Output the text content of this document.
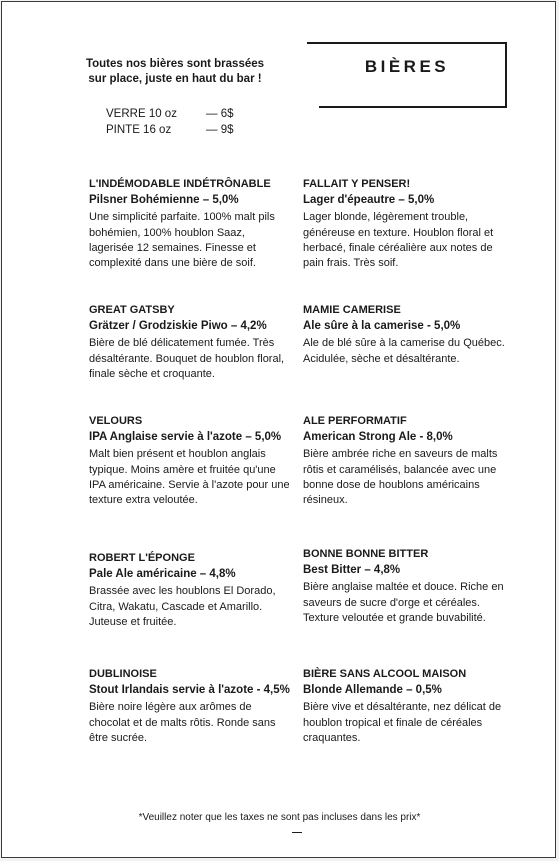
Toutes nos bières sont brassées
sur place, juste en haut du bar !
VERRE 10 oz	— 6$
PINTE 16 oz	— 9$
BIÈRES
L'INDÉMODABLE INDÉTRÔNABLE
Pilsner Bohémienne – 5,0%
Une simplicité parfaite. 100% malt pils bohémien, 100% houblon Saaz, lagerisée 12 semaines. Finesse et complexité dans une bière de soif.
FALLAIT Y PENSER!
Lager d'épeautre – 5,0%
Lager blonde, légèrement trouble, généreuse en texture. Houblon floral et herbacé, finale céréalière aux notes de pain frais. Très soif.
GREAT GATSBY
Grätzer / Grodziskie Piwo – 4,2%
Bière de blé délicatement fumée. Très désaltérante. Bouquet de houblon floral, finale sèche et croquante.
MAMIE CAMERISE
Ale sûre à la camerise - 5,0%
Ale de blé sûre à la camerise du Québec. Acidulée, sèche et désaltérante.
VELOURS
IPA Anglaise servie à l'azote – 5,0%
Malt bien présent et houblon anglais typique. Moins amère et fruitée qu'une IPA américaine. Servie à l'azote pour une texture extra veloutée.
ALE PERFORMATIF
American Strong Ale - 8,0%
Bière ambrée riche en saveurs de malts rôtis et caramélisés, balancée avec une bonne dose de houblons américains résineux.
ROBERT L'ÉPONGE
Pale Ale américaine – 4,8%
Brassée avec les houblons El Dorado, Citra, Wakatu, Cascade et Amarillo. Juteuse et fruitée.
BONNE BONNE BITTER
Best Bitter – 4,8%
Bière anglaise maltée et douce. Riche en saveurs de sucre d'orge et céréales. Texture veloutée et grande buvabilité.
DUBLINOISE
Stout Irlandais servie à l'azote - 4,5%
Bière noire légère aux arômes de chocolat et de malts rôtis. Ronde sans être sucrée.
BIÈRE SANS ALCOOL MAISON
Blonde Allemande – 0,5%
Bière vive et désaltérante, nez délicat de houblon tropical et finale de céréales craquantes.
*Veuillez noter que les taxes ne sont pas incluses dans les prix*
